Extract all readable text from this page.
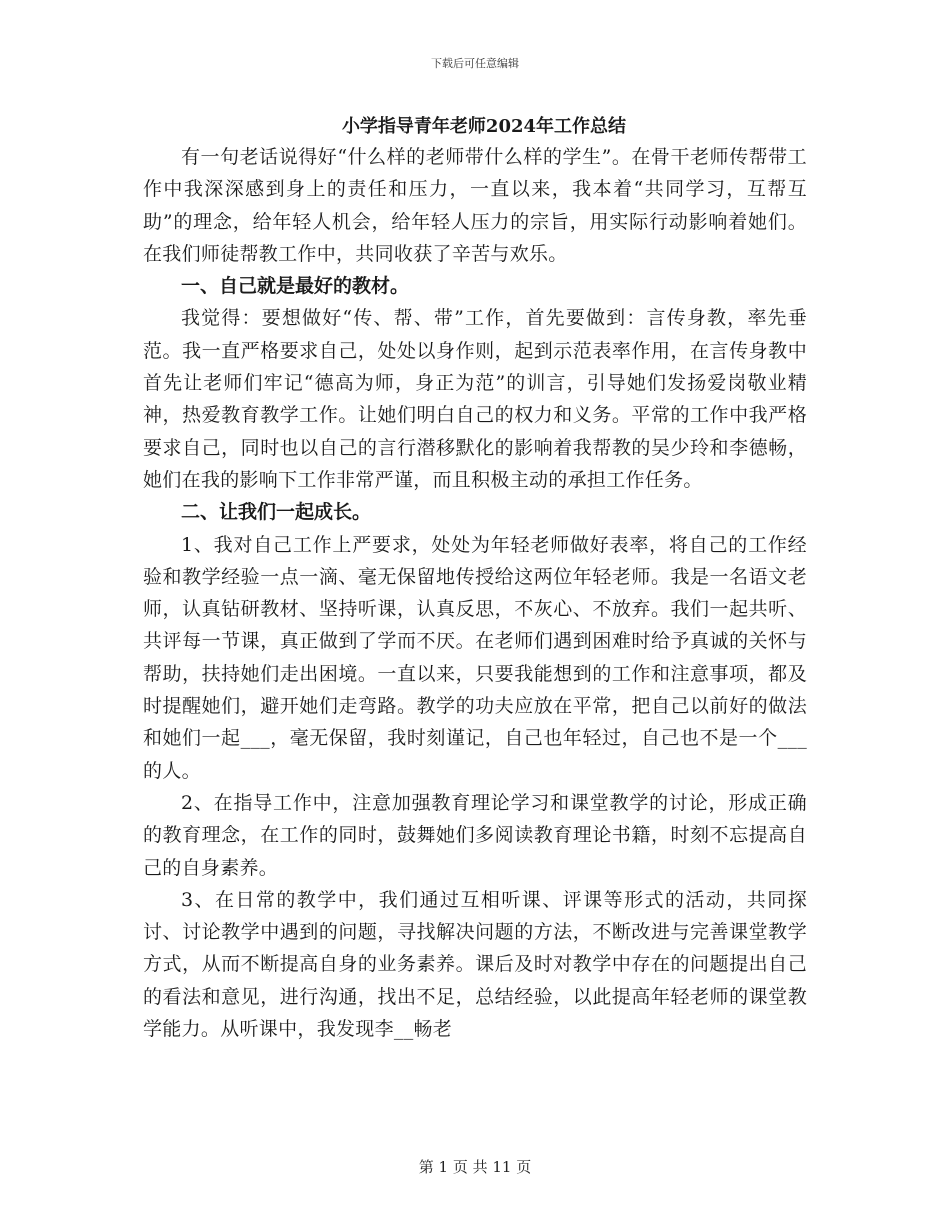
下载后可任意编辑
小学指导青年老师2024年工作总结

有一句老话说得好“什么样的老师带什么样的学生”。在骨干老师传帮带工作中我深深感到身上的责任和压力，一直以来，我本着“共同学习，互帮互助”的理念，给年轻人机会，给年轻人压力的宗旨，用实际行动影响着她们。在我们师徒帮教工作中，共同收获了辛苦与欢乐。

一、自己就是最好的教材。

我觉得：要想做好“传、帮、带”工作，首先要做到：言传身教，率先垂范。我一直严格要求自己，处处以身作则，起到示范表率作用，在言传身教中首先让老师们牢记“德高为师，身正为范”的训言，引导她们发扬爱岗敬业精神，热爱教育教学工作。让她们明白自己的权力和义务。平常的工作中我严格要求自己，同时也以自己的言行潜移默化的影响着我帮教的吴少玲和李德畅，她们在我的影响下工作非常严谨，而且积极主动的承担工作任务。

二、让我们一起成长。

1、我对自己工作上严要求，处处为年轻老师做好表率，将自己的工作经验和教学经验一点一滴、毫无保留地传授给这两位年轻老师。我是一名语文老师，认真钻研教材、坚持听课，认真反思，不灰心、不放弃。我们一起共听、共评每一节课，真正做到了学而不厌。在老师们遇到困难时给予真诚的关怀与帮助，扶持她们走出困境。一直以来，只要我能想到的工作和注意事项，都及时提醒她们，避开她们走弯路。教学的功夫应放在平常，把自己以前好的做法和她们一起___，毫无保留，我时刻谨记，自己也年轻过，自己也不是一个___的人。

2、在指导工作中，注意加强教育理论学习和课堂教学的讨论，形成正确的教育理念，在工作的同时，鼓舞她们多阅读教育理论书籍，时刻不忘提高自己的自身素养。

3、在日常的教学中，我们通过互相听课、评课等形式的活动，共同探讨、讨论教学中遇到的问题，寻找解决问题的方法，不断改进与完善课堂教学方式，从而不断提高自身的业务素养。课后及时对教学中存在的问题提出自己的看法和意见，进行沟通，找出不足，总结经验，以此提高年轻老师的课堂教学能力。从听课中，我发现李__畅老

第 1 页 共 11 页
